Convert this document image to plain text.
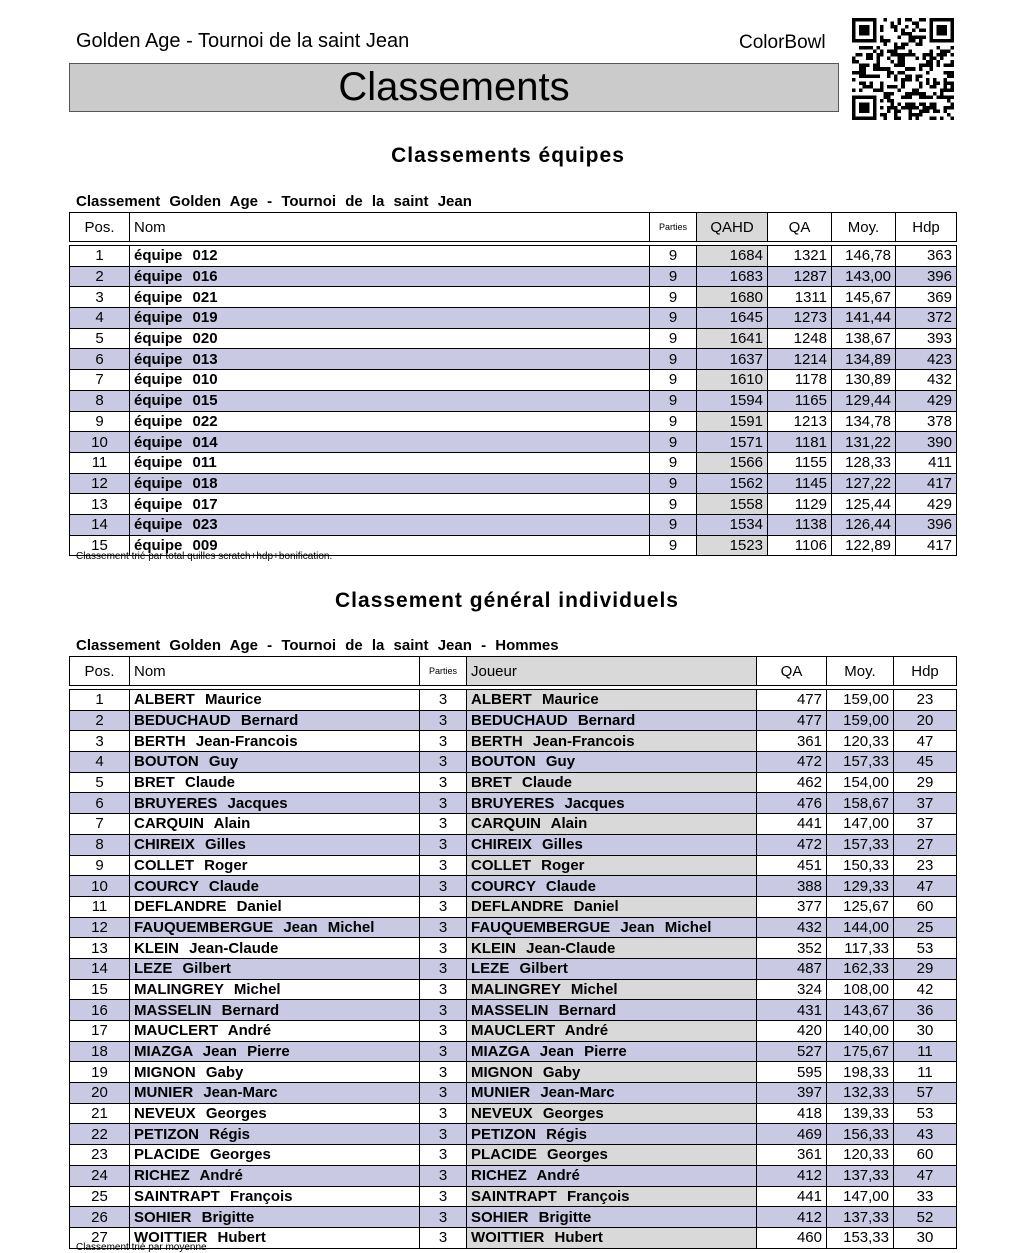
Golden Age - Tournoi de la saint Jean	ColorBowl
Classements
Classements équipes
Classement Golden Age - Tournoi de la saint Jean
Pos.	Nom	Parties	QAHD	QA	Moy.	Hdp

1	équipe 012	9	1684	1321	146,78	363
2	équipe 016	9	1683	1287	143,00	396
3	équipe 021	9	1680	1311	145,67	369
4	équipe 019	9	1645	1273	141,44	372
5	équipe 020	9	1641	1248	138,67	393
6	équipe 013	9	1637	1214	134,89	423
7	équipe 010	9	1610	1178	130,89	432
8	équipe 015	9	1594	1165	129,44	429
9	équipe 022	9	1591	1213	134,78	378
10	équipe 014	9	1571	1181	131,22	390
11	équipe 011	9	1566	1155	128,33	411
12	équipe 018	9	1562	1145	127,22	417
13	équipe 017	9	1558	1129	125,44	429
14	équipe 023	9	1534	1138	126,44	396
15	équipe 009	9	1523	1106	122,89	417
Classement trié par total quilles scratch+hdp+bonification.
Classement général individuels
Classement Golden Age - Tournoi de la saint Jean - Hommes
Pos.	Nom	Parties	Joueur	QA	Moy.	Hdp

1	ALBERT Maurice	3	ALBERT Maurice	477	159,00	23
2	BEDUCHAUD Bernard	3	BEDUCHAUD Bernard	477	159,00	20
3	BERTH Jean-Francois	3	BERTH Jean-Francois	361	120,33	47
4	BOUTON Guy	3	BOUTON Guy	472	157,33	45
5	BRET Claude	3	BRET Claude	462	154,00	29
6	BRUYERES Jacques	3	BRUYERES Jacques	476	158,67	37
7	CARQUIN Alain	3	CARQUIN Alain	441	147,00	37
8	CHIREIX Gilles	3	CHIREIX Gilles	472	157,33	27
9	COLLET Roger	3	COLLET Roger	451	150,33	23
10	COURCY Claude	3	COURCY Claude	388	129,33	47
11	DEFLANDRE Daniel	3	DEFLANDRE Daniel	377	125,67	60
12	FAUQUEMBERGUE Jean Michel	3	FAUQUEMBERGUE Jean Michel	432	144,00	25
13	KLEIN Jean-Claude	3	KLEIN Jean-Claude	352	117,33	53
14	LEZE Gilbert	3	LEZE Gilbert	487	162,33	29
15	MALINGREY Michel	3	MALINGREY Michel	324	108,00	42
16	MASSELIN Bernard	3	MASSELIN Bernard	431	143,67	36
17	MAUCLERT André	3	MAUCLERT André	420	140,00	30
18	MIAZGA Jean Pierre	3	MIAZGA Jean Pierre	527	175,67	11
19	MIGNON Gaby	3	MIGNON Gaby	595	198,33	11
20	MUNIER Jean-Marc	3	MUNIER Jean-Marc	397	132,33	57
21	NEVEUX Georges	3	NEVEUX Georges	418	139,33	53
22	PETIZON Régis	3	PETIZON Régis	469	156,33	43
23	PLACIDE Georges	3	PLACIDE Georges	361	120,33	60
24	RICHEZ André	3	RICHEZ André	412	137,33	47
25	SAINTRAPT François	3	SAINTRAPT François	441	147,00	33
26	SOHIER Brigitte	3	SOHIER Brigitte	412	137,33	52
27	WOITTIER Hubert	3	WOITTIER Hubert	460	153,33	30
Classement trié par moyenne
